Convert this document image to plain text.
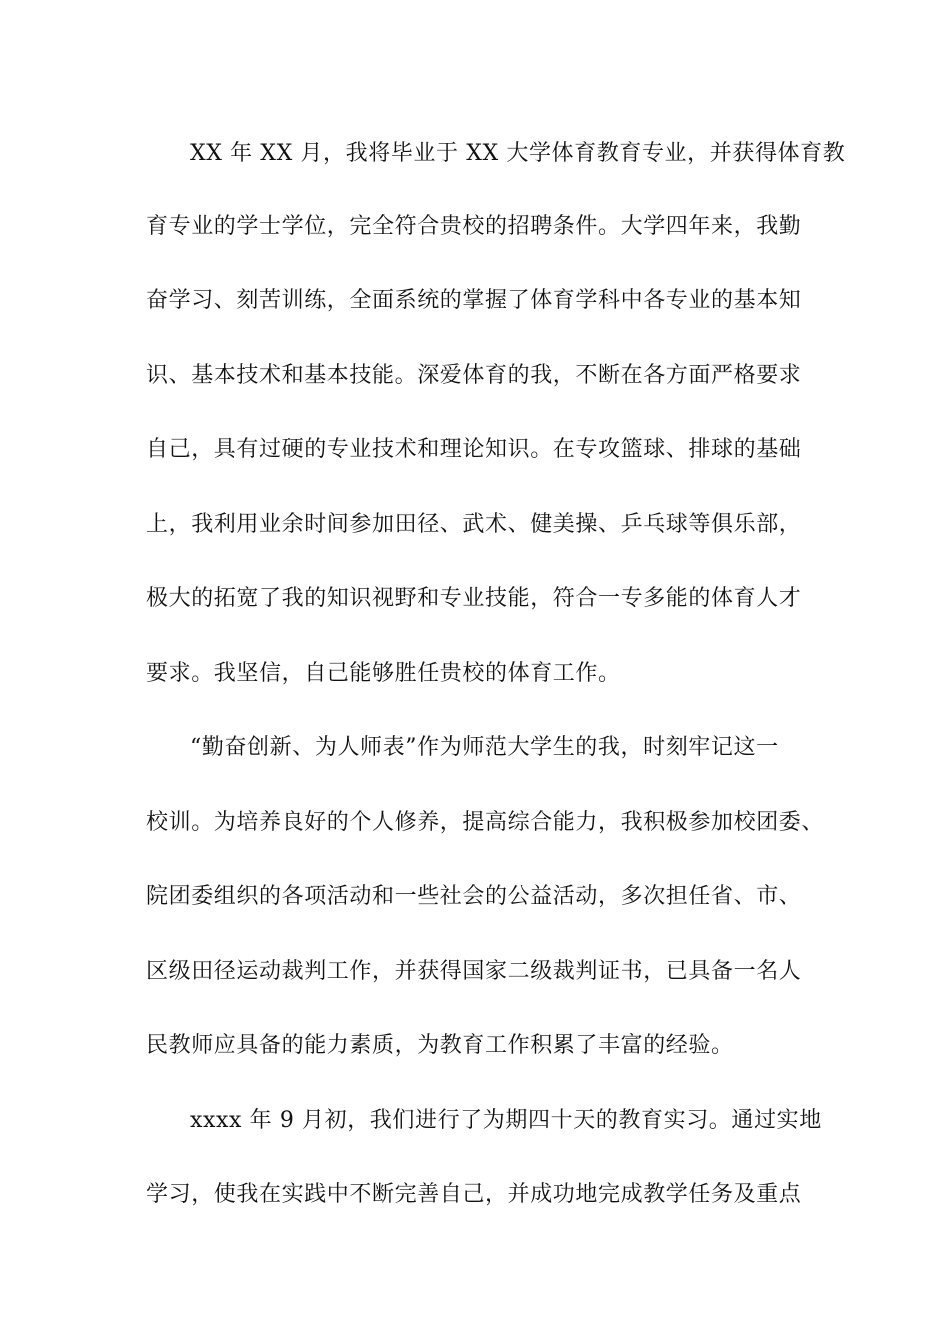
XX 年 XX 月，我将毕业于 XX 大学体育教育专业，并获得体育教
育专业的学士学位，完全符合贵校的招聘条件。大学四年来，我勤
奋学习、刻苦训练，全面系统的掌握了体育学科中各专业的基本知
识、基本技术和基本技能。深爱体育的我，不断在各方面严格要求
自己，具有过硬的专业技术和理论知识。在专攻篮球、排球的基础
上，我利用业余时间参加田径、武术、健美操、乒乓球等俱乐部，
极大的拓宽了我的知识视野和专业技能，符合一专多能的体育人才
要求。我坚信，自己能够胜任贵校的体育工作。
“勤奋创新、为人师表”作为师范大学生的我，时刻牢记这一
校训。为培养良好的个人修养，提高综合能力，我积极参加校团委、
院团委组织的各项活动和一些社会的公益活动，多次担任省、市、
区级田径运动裁判工作，并获得国家二级裁判证书，已具备一名人
民教师应具备的能力素质，为教育工作积累了丰富的经验。
xxxx 年 9 月初，我们进行了为期四十天的教育实习。通过实地
学习，使我在实践中不断完善自己，并成功地完成教学任务及重点
